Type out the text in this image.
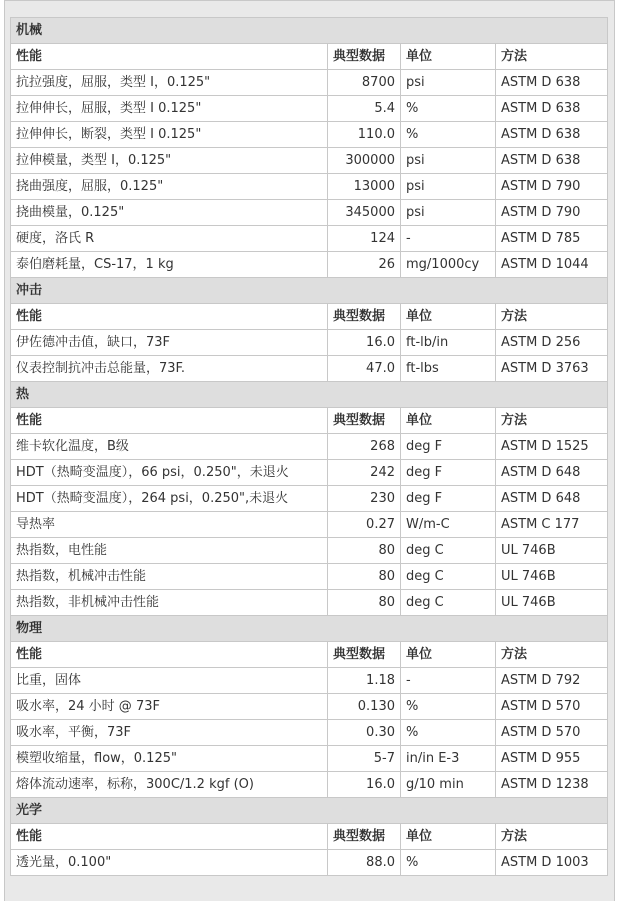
机械			
性能	典型数据	单位	方法
抗拉强度，屈服，类型 I，0.125"	8700	psi	ASTM D 638
拉伸伸长，屈服，类型 I 0.125"	5.4	%	ASTM D 638
拉伸伸长，断裂，类型 I 0.125"	110.0	%	ASTM D 638
拉伸模量，类型 I，0.125"	300000	psi	ASTM D 638
挠曲强度，屈服，0.125"	13000	psi	ASTM D 790
挠曲模量，0.125"	345000	psi	ASTM D 790
硬度，洛氏 R	124	-	ASTM D 785
泰伯磨耗量，CS-17，1 kg	26	mg/1000cy	ASTM D 1044
冲击			
性能	典型数据	单位	方法
伊佐德冲击值，缺口，73F	16.0	ft-lb/in	ASTM D 256
仪表控制抗冲击总能量，73F.	47.0	ft-lbs	ASTM D 3763
热			
性能	典型数据	单位	方法
维卡软化温度，B级	268	deg F	ASTM D 1525
HDT（热畸变温度），66 psi，0.250"，未退火	242	deg F	ASTM D 648
HDT（热畸变温度），264 psi，0.250",未退火	230	deg F	ASTM D 648
导热率	0.27	W/m-C	ASTM C 177
热指数，电性能	80	deg C	UL 746B
热指数，机械冲击性能	80	deg C	UL 746B
热指数，非机械冲击性能	80	deg C	UL 746B
物理			
性能	典型数据	单位	方法
比重，固体	1.18	-	ASTM D 792
吸水率，24 小时 @ 73F	0.130	%	ASTM D 570
吸水率，平衡，73F	0.30	%	ASTM D 570
模塑收缩量，flow，0.125"	5-7	in/in E-3	ASTM D 955
熔体流动速率，标称，300C/1.2 kgf (O)	16.0	g/10 min	ASTM D 1238
光学			
性能	典型数据	单位	方法
透光量，0.100"	88.0	%	ASTM D 1003
